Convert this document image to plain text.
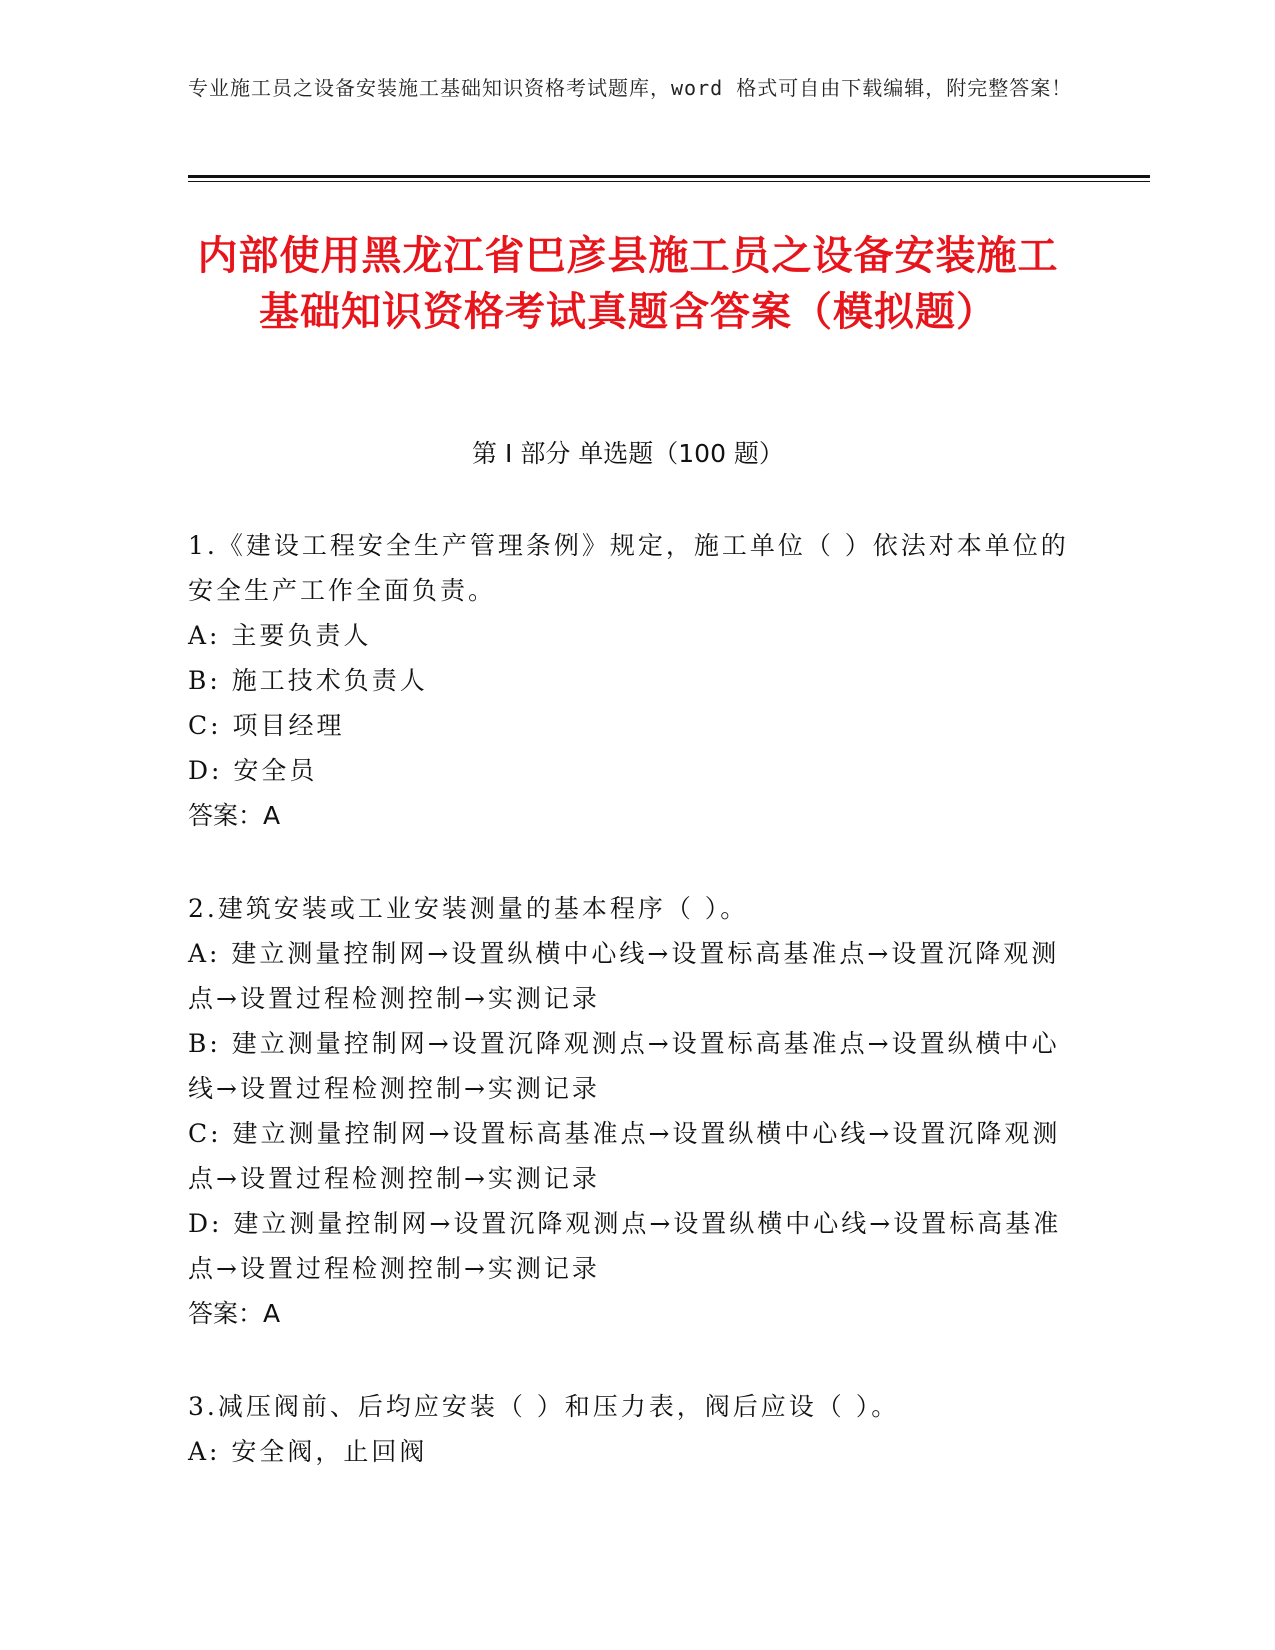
专业施工员之设备安装施工基础知识资格考试题库，word 格式可自由下载编辑，附完整答案！
内部使用黑龙江省巴彦县施工员之设备安装施工基础知识资格考试真题含答案（模拟题）
第 I 部分 单选题（100 题）
1.《建设工程安全生产管理条例》规定，施工单位（ ）依法对本单位的安全生产工作全面负责。
A: 主要负责人
B: 施工技术负责人
C: 项目经理
D: 安全员
答案：A
2.建筑安装或工业安装测量的基本程序（ ）。
A: 建立测量控制网→设置纵横中心线→设置标高基准点→设置沉降观测点→设置过程检测控制→实测记录
B: 建立测量控制网→设置沉降观测点→设置标高基准点→设置纵横中心线→设置过程检测控制→实测记录
C: 建立测量控制网→设置标高基准点→设置纵横中心线→设置沉降观测点→设置过程检测控制→实测记录
D: 建立测量控制网→设置沉降观测点→设置纵横中心线→设置标高基准点→设置过程检测控制→实测记录
答案：A
3.减压阀前、后均应安装（ ）和压力表，阀后应设（ ）。
A: 安全阀，止回阀
